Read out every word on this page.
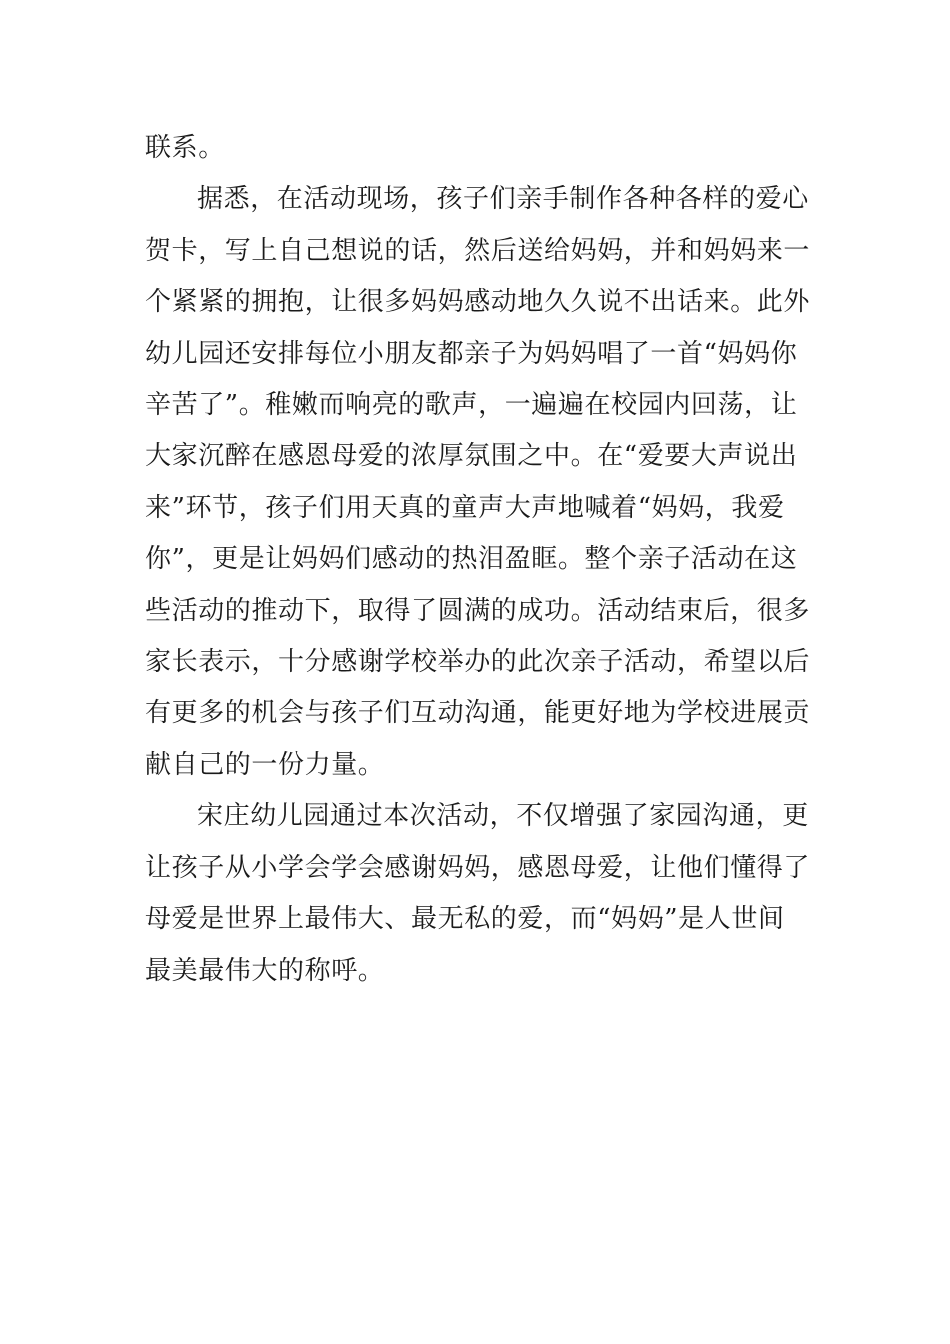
联系。

据悉，在活动现场，孩子们亲手制作各种各样的爱心
贺卡，写上自己想说的话，然后送给妈妈，并和妈妈来一
个紧紧的拥抱，让很多妈妈感动地久久说不出话来。此外
幼儿园还安排每位小朋友都亲子为妈妈唱了一首“妈妈你
辛苦了”。稚嫩而响亮的歌声，一遍遍在校园内回荡，让
大家沉醉在感恩母爱的浓厚氛围之中。在“爱要大声说出
来”环节，孩子们用天真的童声大声地喊着“妈妈，我爱
你”，更是让妈妈们感动的热泪盈眶。整个亲子活动在这
些活动的推动下，取得了圆满的成功。活动结束后，很多
家长表示，十分感谢学校举办的此次亲子活动，希望以后
有更多的机会与孩子们互动沟通，能更好地为学校进展贡
献自己的一份力量。

宋庄幼儿园通过本次活动，不仅增强了家园沟通，更
让孩子从小学会学会感谢妈妈，感恩母爱，让他们懂得了
母爱是世界上最伟大、最无私的爱，而“妈妈”是人世间
最美最伟大的称呼。
